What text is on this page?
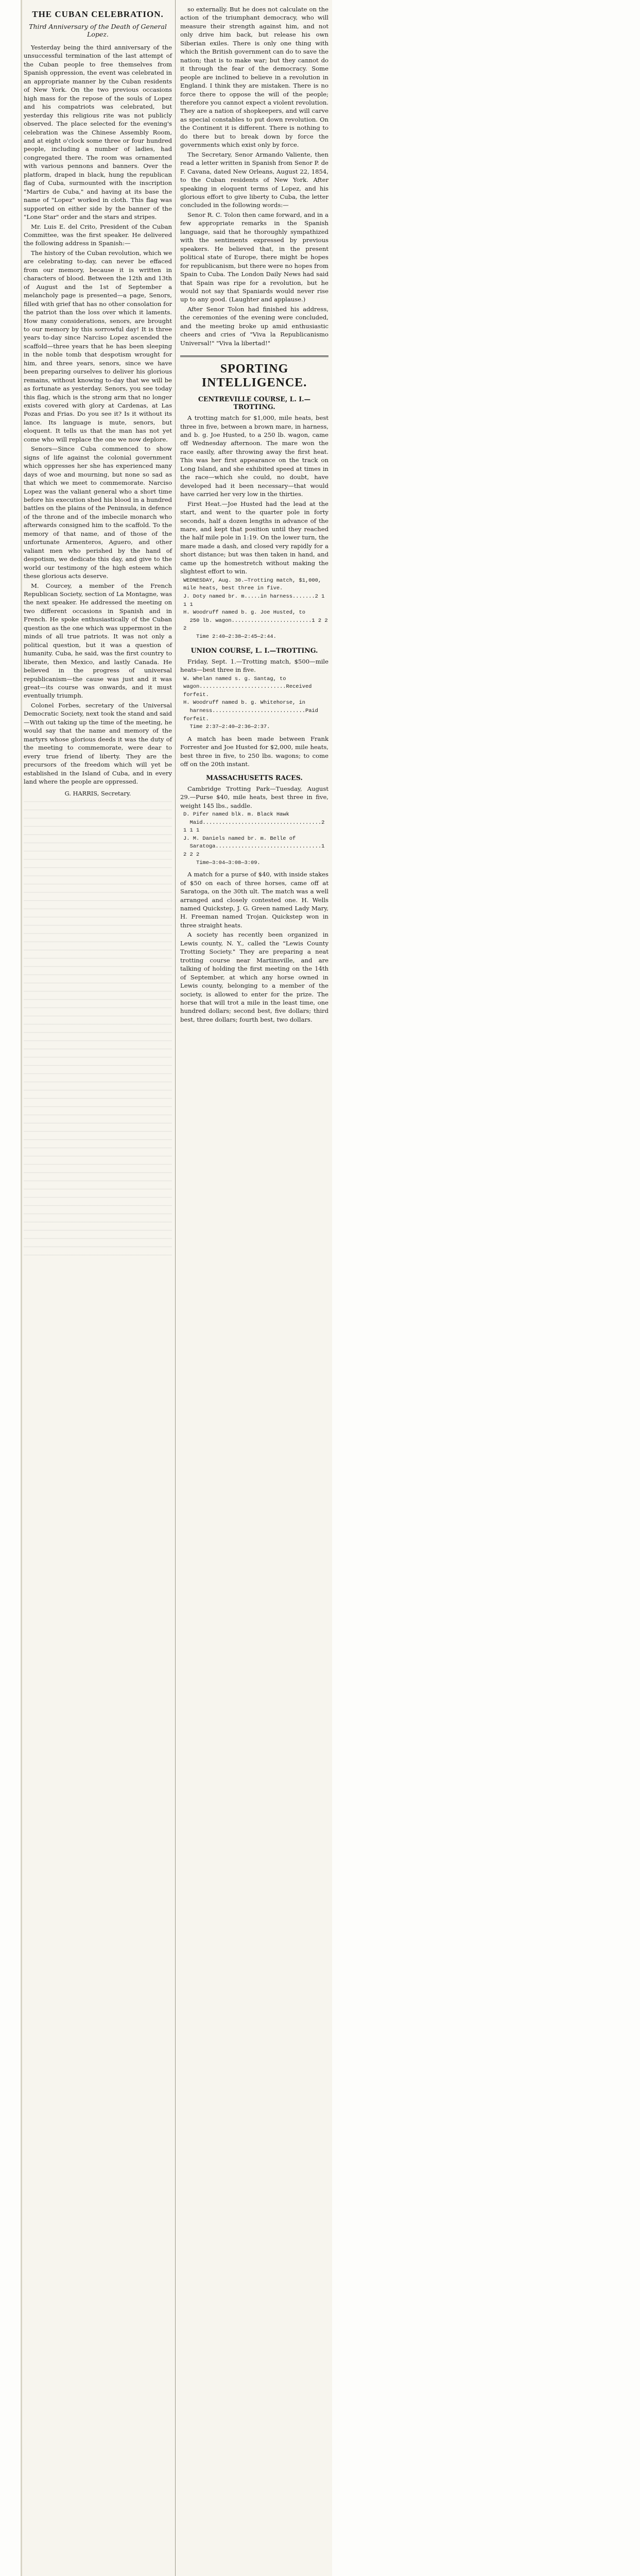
THE CUBAN CELEBRATION.
Third Anniversary of the Death of General Lopez.

Yesterday being the third anniversary of the unsuccessful termination of the last attempt of the Cuban people to free themselves from Spanish oppression, the event was celebrated in an appropriate manner by the Cuban residents of New York. On the two previous occasions high mass for the repose of the souls of Lopez and his compatriots was celebrated, but yesterday this religious rite was not publicly observed. The place selected for the evening's celebration was the Chinese Assembly Room, and at eight o'clock some three or four hundred people, including a number of ladies, had congregated there. The room was ornamented with various pennons and banners. Over the platform, draped in black, hung the republican flag of Cuba, surmounted with the inscription "Martirs de Cuba," and having at its base the name of "Lopez" worked in cloth. This flag was supported on either side by the banner of the "Lone Star" order and the stars and stripes.

Mr. Luis E. del Crito, President of the Cuban Committee, was the first speaker. He delivered the following address in Spanish:—

The history of the Cuban revolution, which we are celebrating to-day, can never be effaced from our memory, because it is written in characters of blood. Between the 12th and 13th of August and the 1st of September a melancholy page is presented—a page, Senors, filled with grief that has no other consolation for the patriot than the loss over which it laments. How many considerations, senors, are brought to our memory by this sorrowful day! It is three years to-day since Narciso Lopez ascended the scaffold—three years that he has been sleeping in the noble tomb that despotism wrought for him, and three years, senors, since we have been preparing ourselves to deliver his glorious remains, without knowing to-day that we will be as fortunate as yesterday. Senors, you see today this flag, which is the strong arm that no longer exists covered with glory at Cardenas, at Las Pozas and Frias. Do you see it? Is it without its lance. Its language is mute, senors, but eloquent. It tells us that the man has not yet come who will replace the one we now deplore.

Senors—Since Cuba commenced to show signs of life against the colonial government which oppresses her she has experienced many days of woe and mourning, but none so sad as that which we meet to commemorate. Narciso Lopez was the valiant general who a short time before his execution shed his blood in a hundred battles on the plains of the Peninsula, in defence of the throne and of the imbecile monarch who afterwards consigned him to the scaffold. To the memory of that name, and of those of the unfortunate Armenteros, Aguero, and other valiant men who perished by the hand of despotism, we dedicate this day, and give to the world our testimony of the high esteem which these glorious acts deserve.

M. Courcey, a member of the French Republican Society, section of La Montagne, was the next speaker. He addressed the meeting on two different occasions in Spanish and in French. He spoke enthusiastically of the Cuban question as the one which was uppermost in the minds of all true patriots. It was not only a political question, but it was a question of humanity. Cuba, he said, was the first country to liberate, then Mexico, and lastly Canada. He believed in the progress of universal republicanism—the cause was just and it was great—its course was onwards, and it must eventually triumph.

Colonel Forbes, secretary of the Universal Democratic Society, next took the stand and said—With out taking up the time of the meeting, he would say that the name and memory of the martyrs whose glorious deeds it was the duty of the meeting to commemorate, were dear to every true friend of liberty. They are the precursors of the freedom which will yet be established in the Island of Cuba, and in every land where the people are oppressed.

G. HARRIS, Secretary.

so externally. But he does not calculate on the action of the triumphant democracy, who will measure their strength against him, and not only drive him back, but release his own Siberian exiles. There is only one thing with which the British government can do to save the nation; that is to make war; but they cannot do it through the fear of the democracy. Some people are inclined to believe in a revolution in England. I think they are mistaken. There is no force there to oppose the will of the people; therefore you cannot expect a violent revolution. They are a nation of shopkeepers, and will carve as special constables to put down revolution. On the Continent it is different. There is nothing to do there but to break down by force the governments which exist only by force.

The Secretary, Senor Armando Valiente, then read a letter written in Spanish from Senor P. de F. Cavana, dated New Orleans, August 22, 1854, to the Cuban residents of New York. After speaking in eloquent terms of Lopez, and his glorious effort to give liberty to Cuba, the letter concluded in the following words:—

Senor R. C. Tolon then came forward, and in a few appropriate remarks in the Spanish language, said that he thoroughly sympathized with the sentiments expressed by previous speakers. He believed that, in the present political state of Europe, there might be hopes for republicanism, but there were no hopes from Spain to Cuba. The London Daily News had said that Spain was ripe for a revolution, but he would not say that Spaniards would never rise up to any good. (Laughter and applause.)

After Senor Tolon had finished his address, the ceremonies of the evening were concluded, and the meeting broke up amid enthusiastic cheers and cries of "Viva la Republicanismo Universal!" "Viva la libertad!"

SPORTING INTELLIGENCE.
CENTREVILLE COURSE, L. I.—TROTTING.

A trotting match for $1,000, mile heats, best three in five, between a brown mare, in harness, and b. g. Joe Husted, to a 250 lb. wagon, came off Wednesday afternoon. The mare won the race easily, after throwing away the first heat. This was her first appearance on the track on Long Island, and she exhibited speed at times in the race—which she could, no doubt, have developed had it been necessary—that would have carried her very low in the thirties.

First Heat.—Joe Husted had the lead at the start, and went to the quarter pole in forty seconds, half a dozen lengths in advance of the mare, and kept that position until they reached the half mile pole in 1:19. On the lower turn, the mare made a dash, and closed very rapidly for a short distance; but was then taken in hand, and came up the homestretch without making the slightest effort to win.

WEDNESDAY, Aug. 30.—Trotting match, $1,000, mile heats, best three in five.
J. Doty named br. m.....in harness.......2 1 1 1
H. Woodruff named b. g. Joe Husted, to
250 lb. wagon.........................1 2 2 2
Time 2:40—2:38—2:45—2:44.
UNION COURSE, L. I.—TROTTING.

Friday, Sept. 1.—Trotting match, $500—mile heats—best three in five.

W. Whelan named s. g. Santag, to wagon...........................Received forfeit.
H. Woodruff named b. g. Whitehorse, in
harness.............................Paid forfeit.
Time 2:37—2:40—2:36—2:37.

A match has been made between Frank Forrester and Joe Husted for $2,000, mile heats, best three in five, to 250 lbs. wagons; to come off on the 20th instant.

MASSACHUSETTS RACES.

Cambridge Trotting Park—Tuesday, August 29.—Purse $40, mile heats, best three in five, weight 145 lbs., saddle.

D. Pifer named blk. m. Black Hawk
Maid.....................................2 1 1 1
J. M. Daniels named br. m. Belle of
Saratoga.................................1 2 2 2
Time—3:04—3:08—3:09.

A match for a purse of $40, with inside stakes of $50 on each of three horses, came off at Saratoga, on the 30th ult. The match was a well arranged and closely contested one. H. Wells named Quickstep, J. G. Green named Lady Mary, H. Freeman named Trojan. Quickstep won in three straight heats.

A society has recently been organized in Lewis county, N. Y., called the "Lewis County Trotting Society." They are preparing a neat trotting course near Martinsville, and are talking of holding the first meeting on the 14th of September, at which any horse owned in Lewis county, belonging to a member of the society, is allowed to enter for the prize. The horse that will trot a mile in the least time, one hundred dollars; second best, five dollars; third best, three dollars; fourth best, two dollars.
